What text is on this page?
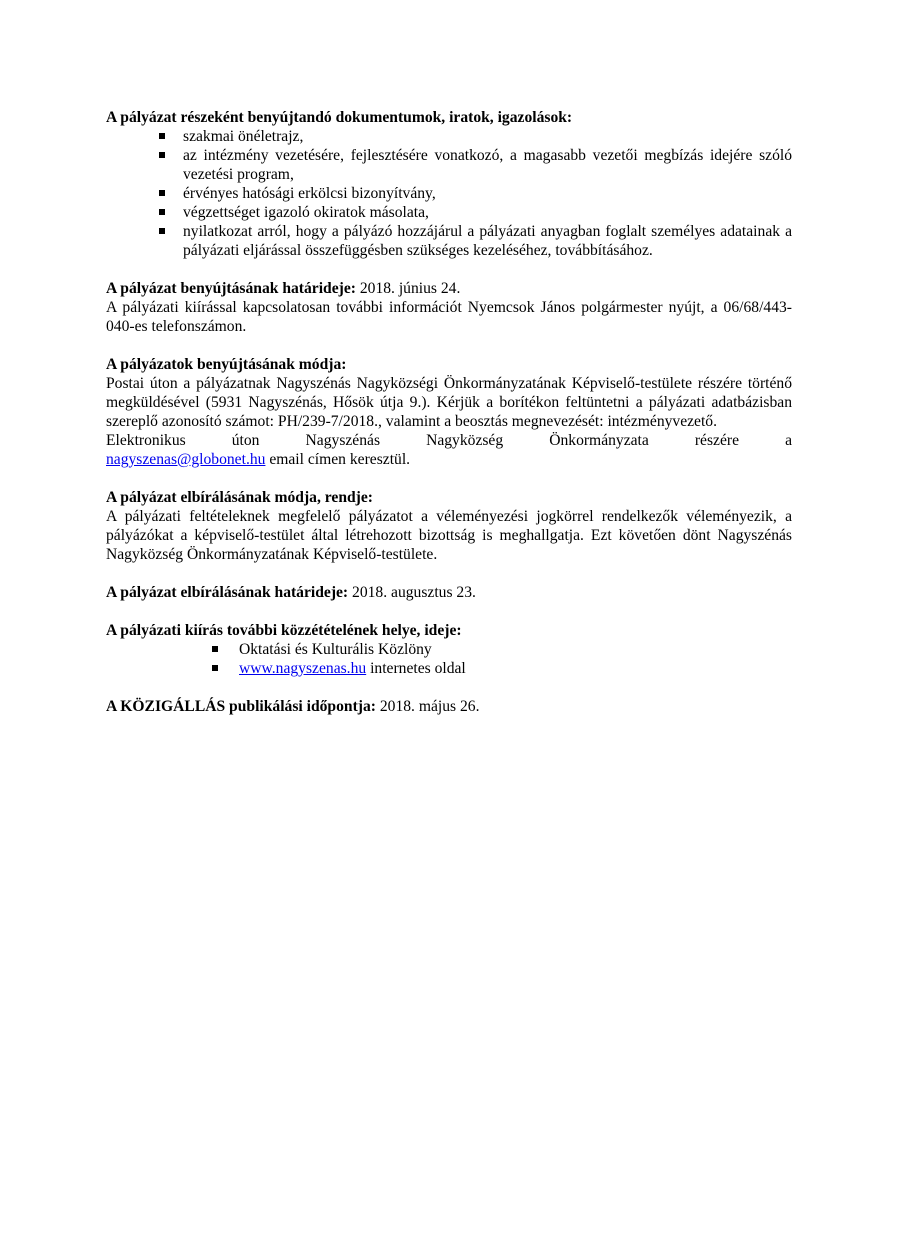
A pályázat részeként benyújtandó dokumentumok, iratok, igazolások:

szakmai önéletrajz,
az intézmény vezetésére, fejlesztésére vonatkozó, a magasabb vezetői megbízás idejére szóló vezetési program,
érvényes hatósági erkölcsi bizonyítvány,
végzettséget igazoló okiratok másolata,
nyilatkozat arról, hogy a pályázó hozzájárul a pályázati anyagban foglalt személyes adatainak a pályázati eljárással összefüggésben szükséges kezeléséhez, továbbításához.

A pályázat benyújtásának határideje: 2018. június 24.

A pályázati kiírással kapcsolatosan további információt Nyemcsok János polgármester nyújt, a 06/68/443-040-es telefonszámon.

A pályázatok benyújtásának módja:

Postai úton a pályázatnak Nagyszénás Nagyközségi Önkormányzatának Képviselő-testülete részére történő megküldésével (5931 Nagyszénás, Hősök útja 9.). Kérjük a borítékon feltüntetni a pályázati adatbázisban szereplő azonosító számot: PH/239-7/2018., valamint a beosztás megnevezését: intézményvezető.

Elektronikus úton Nagyszénás Nagyközség Önkormányzata részére a

nagyszenas@globonet.hu email címen keresztül.

A pályázat elbírálásának módja, rendje:

A pályázati feltételeknek megfelelő pályázatot a véleményezési jogkörrel rendelkezők véleményezik, a pályázókat a képviselő-testület által létrehozott bizottság is meghallgatja. Ezt követően dönt Nagyszénás Nagyközség Önkormányzatának Képviselő-testülete.

A pályázat elbírálásának határideje: 2018. augusztus 23.

A pályázati kiírás további közzétételének helye, ideje:

Oktatási és Kulturális Közlöny
www.nagyszenas.hu internetes oldal

A KÖZIGÁLLÁS publikálási időpontja: 2018. május 26.
